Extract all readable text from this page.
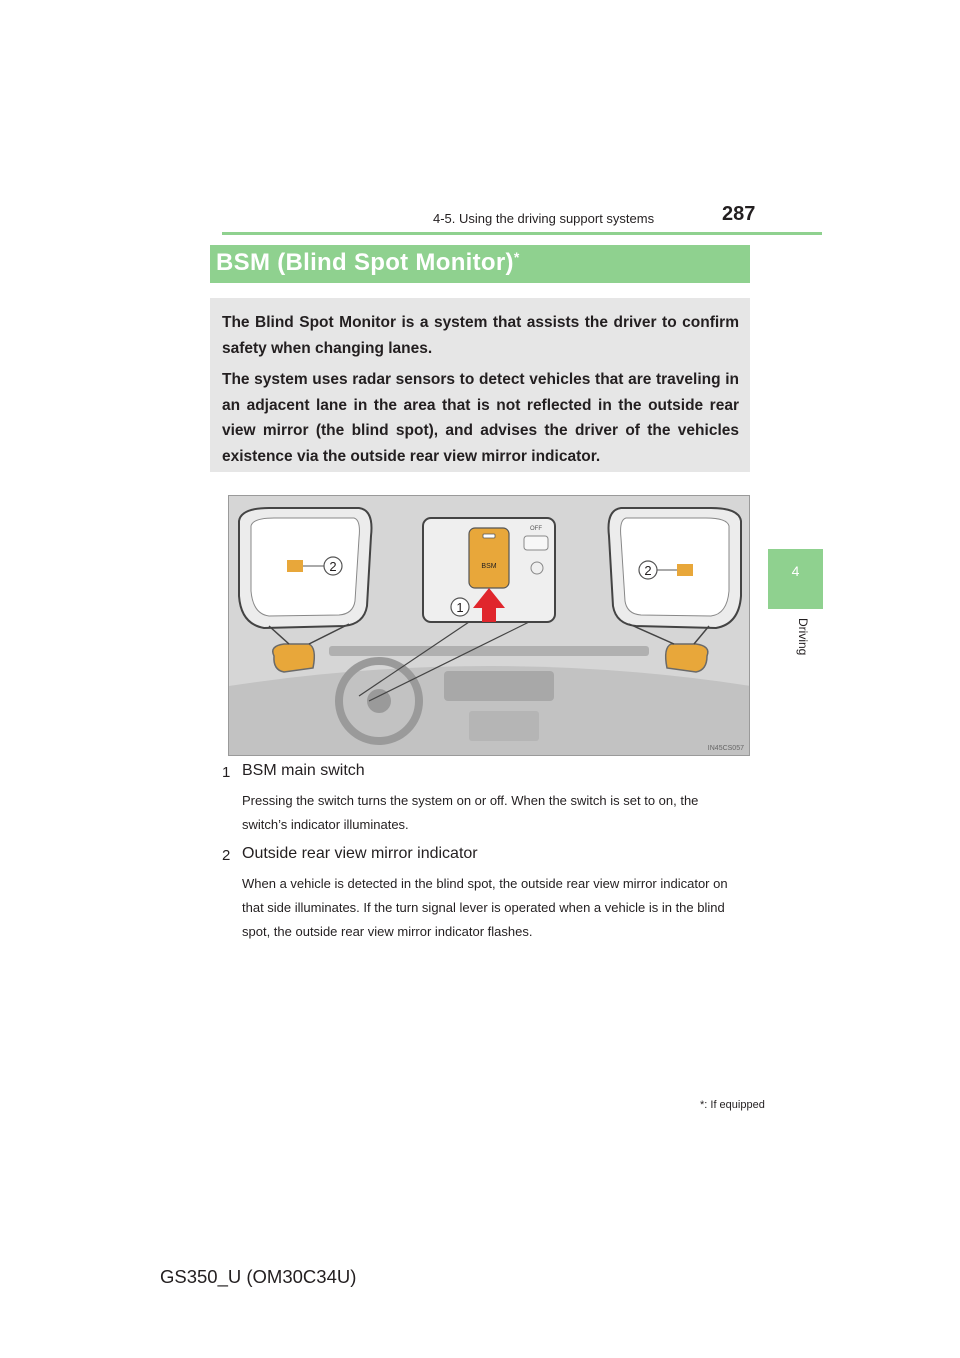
4-5. Using the driving support systems	287
4
Driving
BSM (Blind Spot Monitor)*

The Blind Spot Monitor is a system that assists the driver to confirm safety when changing lanes.

The system uses radar sensors to detect vehicles that are traveling in an adjacent lane in the area that is not reflected in the outside rear view mirror (the blind spot), and advises the driver of the vehicles existence via the outside rear view mirror indicator.

2	2
BSM
OFF
1
IN45CS057
1 BSM main switch
Pressing the switch turns the system on or off. When the switch is set to on, the switch’s indicator illuminates.
2 Outside rear view mirror indicator
When a vehicle is detected in the blind spot, the outside rear view mirror indicator on that side illuminates. If the turn signal lever is operated when a vehicle is in the blind spot, the outside rear view mirror indicator flashes.
*: If equipped
GS350_U (OM30C34U)
